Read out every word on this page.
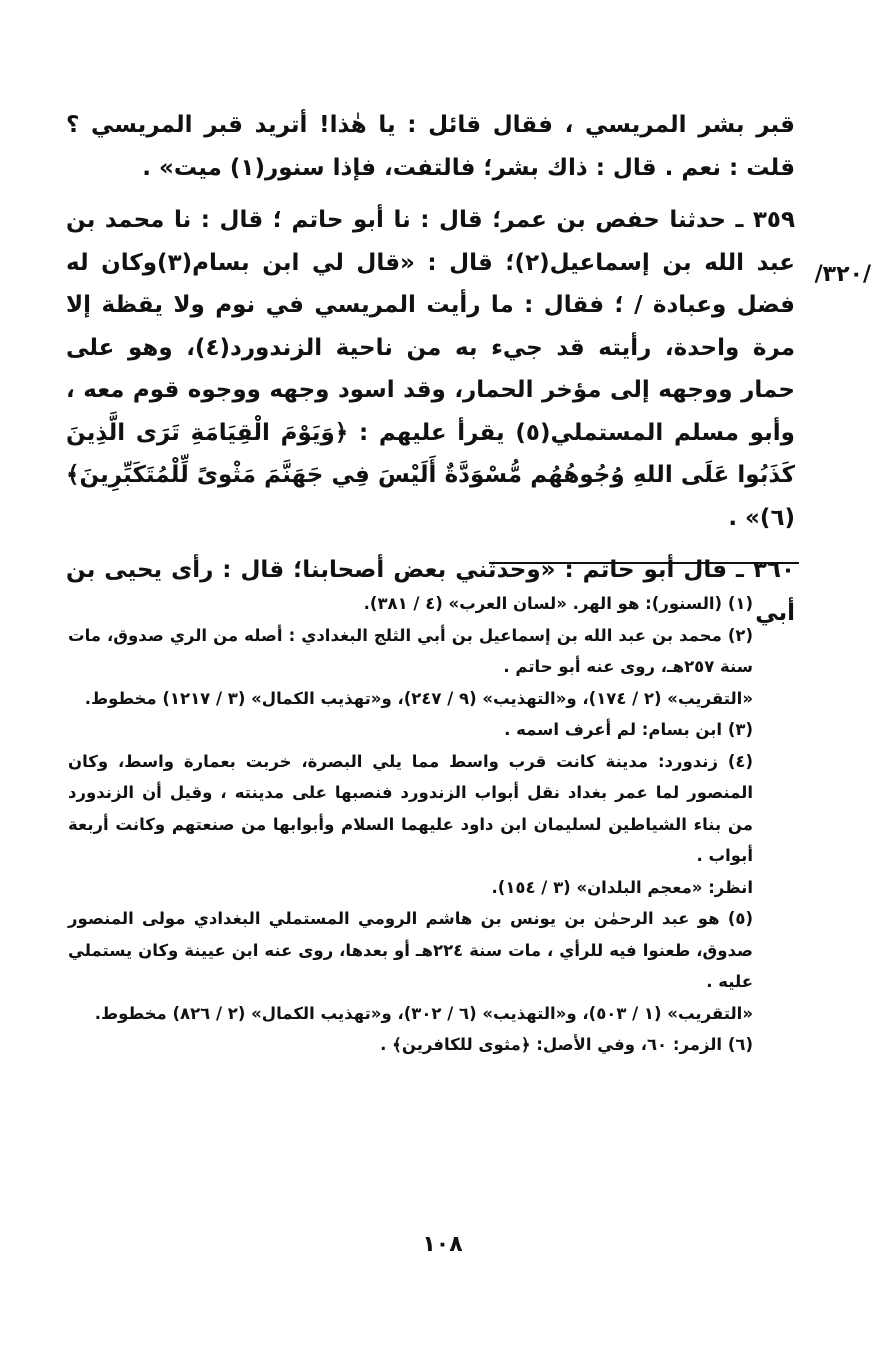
/٣٢٠/

قبر بشر المريسي ، فقال قائل : يا هٰذا! أتريد قبر المريسي ؟ قلت : نعم . قال : ذاك بشر؛ فالتفت، فإذا سنور(١) ميت» .

٣٥٩ ـ حدثنا حفص بن عمر؛ قال : نا أبو حاتم ؛ قال : نا محمد بن عبد الله بن إسماعيل(٢)؛ قال : «قال لي ابن بسام(٣)وكان له فضل وعبادة / ؛ فقال : ما رأيت المريسي في نوم ولا يقظة إلا مرة واحدة، رأيته قد جيء به من ناحية الزندورد(٤)، وهو على حمار ووجهه إلى مؤخر الحمار، وقد اسود وجهه ووجوه قوم معه ، وأبو مسلم المستملي(٥) يقرأ عليهم : ﴿وَيَوْمَ الْقِيَامَةِ تَرَى الَّذِينَ كَذَبُوا عَلَى اللهِ وُجُوهُهُم مُّسْوَدَّةٌ أَلَيْسَ فِي جَهَنَّمَ مَثْوىً لِّلْمُتَكَبِّرِينَ﴾(٦)» .

٣٦٠ ـ قال أبو حاتم : «وحدثني بعض أصحابنا؛ قال : رأى يحيى بن أبي

(١) (السنور): هو الهر. «لسان العرب» (٤ / ٣٨١).

(٢) محمد بن عبد الله بن إسماعيل بن أبي الثلج البغدادي : أصله من الري صدوق، مات سنة ٢٥٧هـ، روى عنه أبو حاتم .

«التقريب» (٢ / ١٧٤)، و«التهذيب» (٩ / ٢٤٧)، و«تهذيب الكمال» (٣ / ١٢١٧) مخطوط.

(٣) ابن بسام: لم أعرف اسمه .

(٤) زندورد: مدينة كانت قرب واسط مما يلي البصرة، خربت بعمارة واسط، وكان المنصور لما عمر بغداد نقل أبواب الزندورد فنصبها على مدينته ، وقيل أن الزندورد من بناء الشياطين لسليمان ابن داود عليهما السلام وأبوابها من صنعتهم وكانت أربعة أبواب .

انظر: «معجم البلدان» (٣ / ١٥٤).

(٥) هو عبد الرحمٰن بن يونس بن هاشم الرومي المستملي البغدادي مولى المنصور صدوق، طعنوا فيه للرأي ، مات سنة ٢٢٤هـ أو بعدها، روى عنه ابن عيينة وكان يستملي عليه .

«التقريب» (١ / ٥٠٣)، و«التهذيب» (٦ / ٣٠٢)، و«تهذيب الكمال» (٢ / ٨٢٦) مخطوط.

(٦) الزمر: ٦٠، وفي الأصل: ﴿مثوى للكافرين﴾ .

١٠٨
